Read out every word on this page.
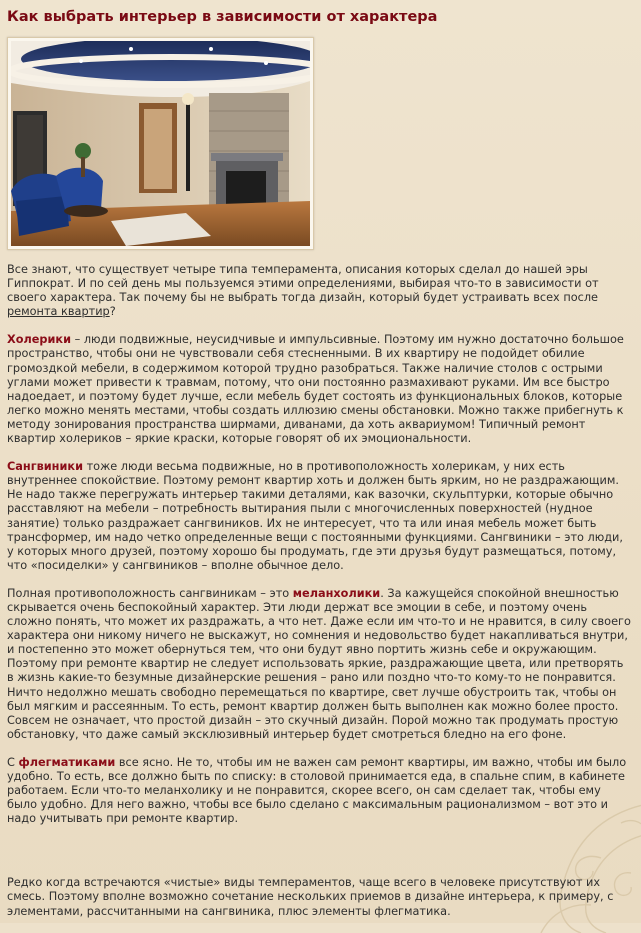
Как выбрать интерьер в зависимости от характера

Все знают, что существует четыре типа темперамента, описания которых сделал до нашей эры Гиппократ. И по сей день мы пользуемся этими определениями, выбирая что-то в зависимости от своего характера. Так почему бы не выбрать тогда дизайн, который будет устраивать всех после ремонта квартир?

Холерики – люди подвижные, неусидчивые и импульсивные. Поэтому им нужно достаточно большое пространство, чтобы они не чувствовали себя стесненными. В их квартиру не подойдет обилие громоздкой мебели, в содержимом которой трудно разобраться. Также наличие столов с острыми углами может привести к травмам, потому, что они постоянно размахивают руками. Им все быстро надоедает, и поэтому будет лучше, если мебель будет состоять из функциональных блоков, которые легко можно менять местами, чтобы создать иллюзию смены обстановки. Можно также прибегнуть к методу зонирования пространства ширмами, диванами, да хоть аквариумом! Типичный ремонт квартир холериков – яркие краски, которые говорят об их эмоциональности.

Сангвиники тоже люди весьма подвижные, но в противоположность холерикам, у них есть внутреннее спокойствие. Поэтому ремонт квартир хоть и должен быть ярким, но не раздражающим. Не надо также перегружать интерьер такими деталями, как вазочки, скульптурки, которые обычно расставляют на мебели – потребность вытирания пыли с многочисленных поверхностей (нудное занятие) только раздражает сангвиников. Их не интересует, что та или иная мебель может быть трансформер, им надо четко определенные вещи с постоянными функциями. Сангвиники – это люди, у которых много друзей, поэтому хорошо бы продумать, где эти друзья будут размещаться, потому, что «посиделки» у сангвиников – вполне обычное дело.

Полная противоположность сангвиникам – это меланхолики. За кажущейся спокойной внешностью скрывается очень беспокойный характер. Эти люди держат все эмоции в себе, и поэтому очень сложно понять, что может их раздражать, а что нет. Даже если им что-то и не нравится, в силу своего характера они никому ничего не выскажут, но сомнения и недовольство будет накапливаться внутри, и постепенно это может обернуться тем, что они будут явно портить жизнь себе и окружающим. Поэтому при ремонте квартир не следует использовать яркие, раздражающие цвета, или претворять в жизнь какие-то безумные дизайнерские решения – рано или поздно что-то кому-то не понравится. Ничто недолжно мешать свободно перемещаться по квартире, свет лучше обустроить так, чтобы он был мягким и рассеянным. То есть, ремонт квартир должен быть выполнен как можно более просто. Совсем не означает, что простой дизайн – это скучный дизайн. Порой можно так продумать простую обстановку, что даже самый эксклюзивный интерьер будет смотреться бледно на его фоне.

С флегматиками все ясно. Не то, чтобы им не важен сам ремонт квартиры, им важно, чтобы им было удобно. То есть, все должно быть по списку: в столовой принимается еда, в спальне спим, в кабинете работаем. Если что-то меланхолику и не понравится, скорее всего, он сам сделает так, чтобы ему было удобно. Для него важно, чтобы все было сделано с максимальным рационализмом – вот это и надо учитывать при ремонте квартир.

Редко когда встречаются «чистые» виды темпераментов, чаще всего в человеке присутствуют их смесь. Поэтому вполне возможно сочетание нескольких приемов в дизайне интерьера, к примеру, с элементами, рассчитанными на сангвиника, плюс элементы флегматика.
